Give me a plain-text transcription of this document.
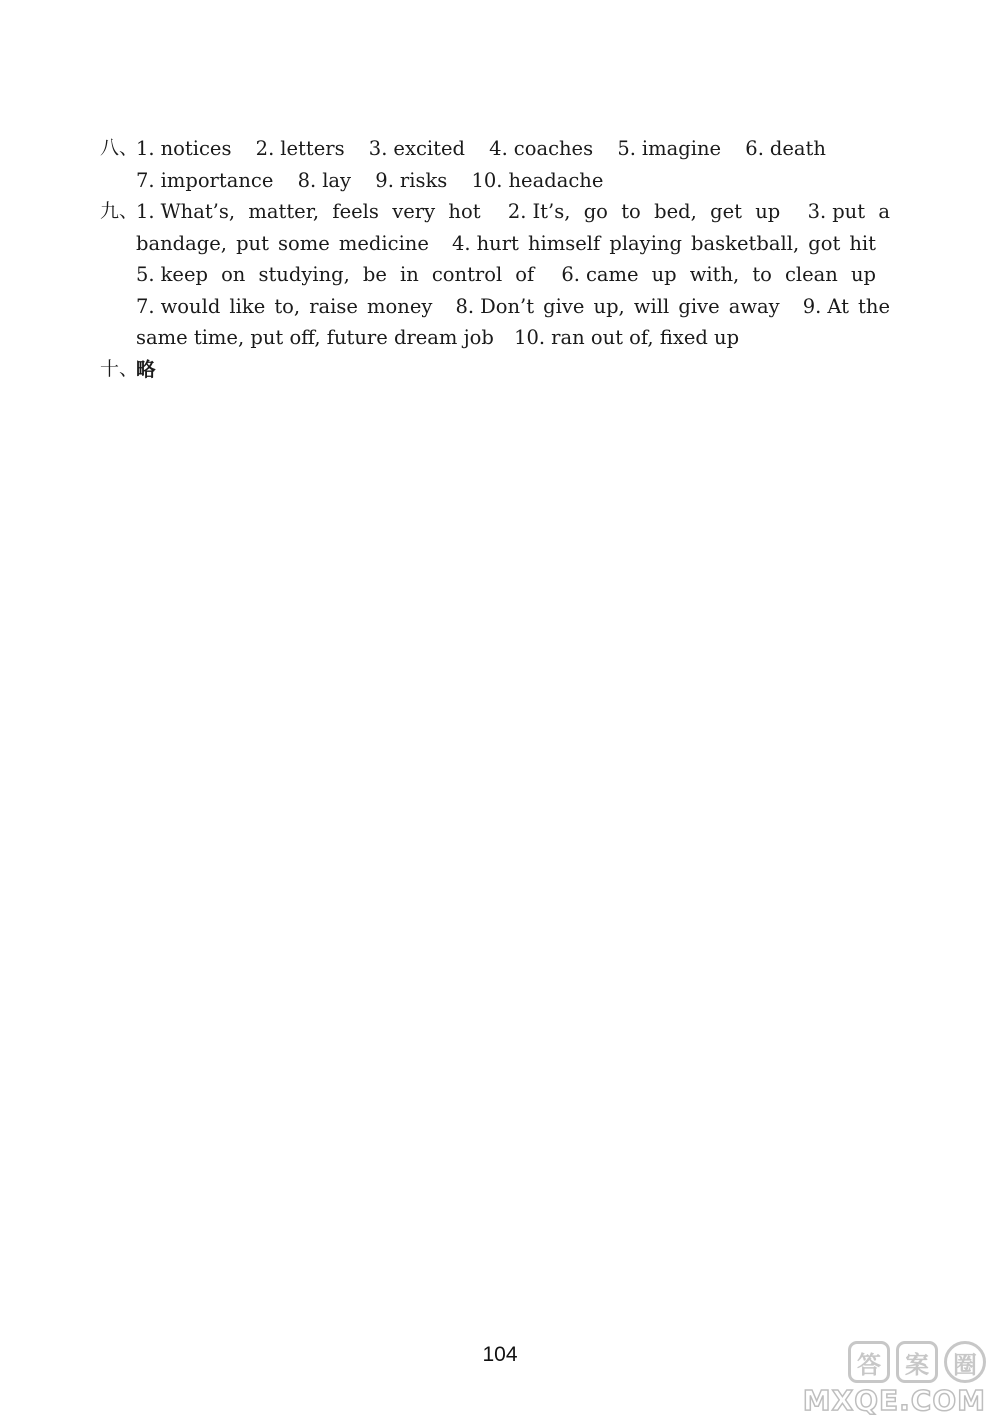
八、
1. notices 2. letters 3. excited 4. coaches 5. imagine 6. death
7. importance 8. lay 9. risks 10. headache
九、
1. What’s, matter, feels very hot 2. It’s, go to bed, get up 3. put a bandage, put some medicine 4. hurt himself playing basketball, got hit 5. keep on studying, be in control of 6. came up with, to clean up 7. would like to, raise money 8. Don’t give up, will give away 9. At the same time, put off, future dream job 10. ran out of, fixed up
十、
略
104	答	案	圈
MXQE.COM
